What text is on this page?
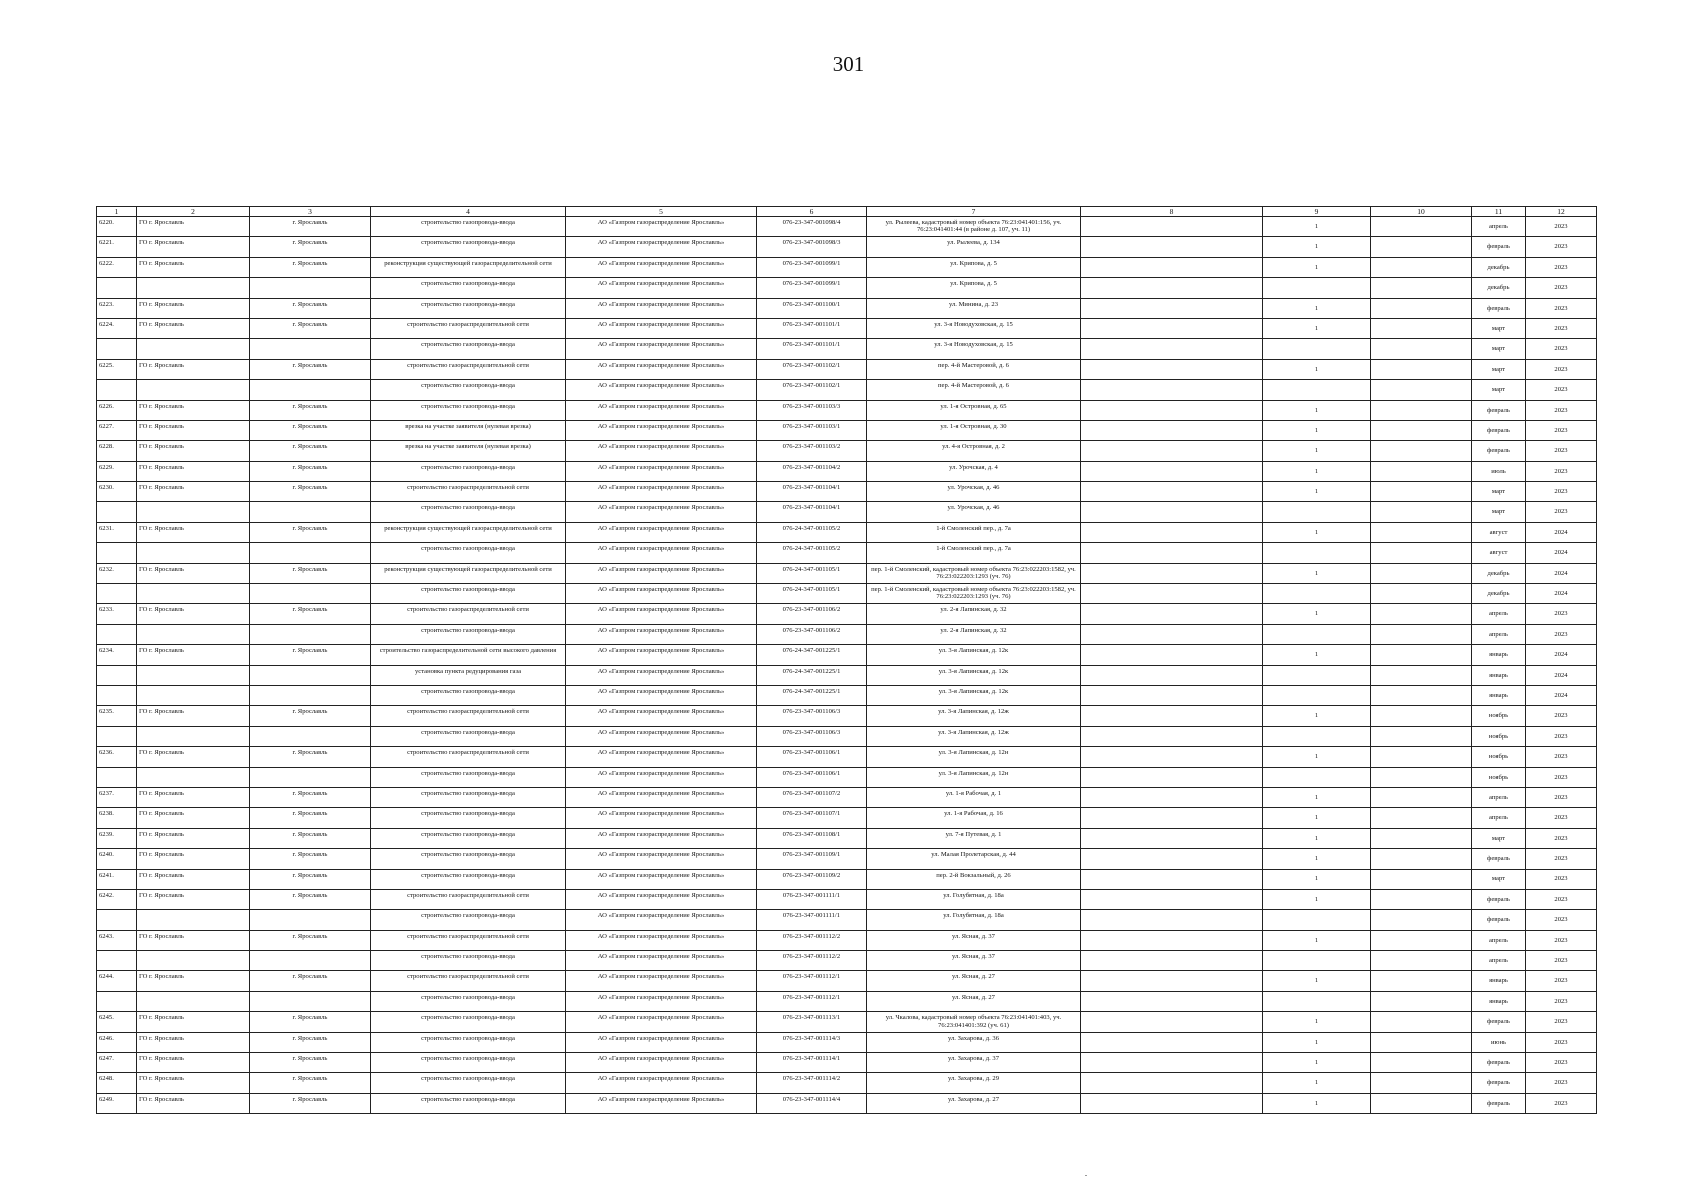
301
1	2	3	4	5	6	7	8	9	10	11	12
6220.	ГО г. Ярославль	г. Ярославль	строительство газопровода-ввода	АО «Газпром газораспределение Ярославль»	076-23-347-001098/4	ул. Рылеева, кадастровый номер объекта 76:23:041401:156, уч. 76:23:041401:44 (в районе д. 107, уч. 11)		1		апрель	2023
6221.	ГО г. Ярославль	г. Ярославль	строительство газопровода-ввода	АО «Газпром газораспределение Ярославль»	076-23-347-001098/3	ул. Рылеева, д. 134		1		февраль	2023
6222.	ГО г. Ярославль	г. Ярославль	реконструкция существующей газораспределительной сети	АО «Газпром газораспределение Ярославль»	076-23-347-001099/1	ул. Крипова, д. 5		1		декабрь	2023
			строительство газопровода-ввода	АО «Газпром газораспределение Ярославль»	076-23-347-001099/1	ул. Крипова, д. 5				декабрь	2023
6223.	ГО г. Ярославль	г. Ярославль	строительство газопровода-ввода	АО «Газпром газораспределение Ярославль»	076-23-347-001100/1	ул. Минина, д. 23		1		февраль	2023
6224.	ГО г. Ярославль	г. Ярославль	строительство газораспределительной сети	АО «Газпром газораспределение Ярославль»	076-23-347-001101/1	ул. 3-я Новодуховская, д. 15		1		март	2023
			строительство газопровода-ввода	АО «Газпром газораспределение Ярославль»	076-23-347-001101/1	ул. 3-я Новодуховская, д. 15				март	2023
6225.	ГО г. Ярославль	г. Ярославль	строительство газораспределительной сети	АО «Газпром газораспределение Ярославль»	076-23-347-001102/1	пер. 4-й Мастеровой, д. 6		1		март	2023
			строительство газопровода-ввода	АО «Газпром газораспределение Ярославль»	076-23-347-001102/1	пер. 4-й Мастеровой, д. 6				март	2023
6226.	ГО г. Ярославль	г. Ярославль	строительство газопровода-ввода	АО «Газпром газораспределение Ярославль»	076-23-347-001103/3	ул. 1-я Островная, д. 65		1		февраль	2023
6227.	ГО г. Ярославль	г. Ярославль	врезка на участке заявителя (нулевая врезка)	АО «Газпром газораспределение Ярославль»	076-23-347-001103/1	ул. 1-я Островная, д. 30		1		февраль	2023
6228.	ГО г. Ярославль	г. Ярославль	врезка на участке заявителя (нулевая врезка)	АО «Газпром газораспределение Ярославль»	076-23-347-001103/2	ул. 4-я Островная, д. 2		1		февраль	2023
6229.	ГО г. Ярославль	г. Ярославль	строительство газопровода-ввода	АО «Газпром газораспределение Ярославль»	076-23-347-001104/2	ул. Урочская, д. 4		1		июль	2023
6230.	ГО г. Ярославль	г. Ярославль	строительство газораспределительной сети	АО «Газпром газораспределение Ярославль»	076-23-347-001104/1	ул. Урочская, д. 46		1		март	2023
			строительство газопровода-ввода	АО «Газпром газораспределение Ярославль»	076-23-347-001104/1	ул. Урочская, д. 46				март	2023
6231.	ГО г. Ярославль	г. Ярославль	реконструкция существующей газораспределительной сети	АО «Газпром газораспределение Ярославль»	076-24-347-001105/2	1-й Смоленский пер., д. 7а		1		август	2024
			строительство газопровода-ввода	АО «Газпром газораспределение Ярославль»	076-24-347-001105/2	1-й Смоленский пер., д. 7а				август	2024
6232.	ГО г. Ярославль	г. Ярославль	реконструкция существующей газораспределительной сети	АО «Газпром газораспределение Ярославль»	076-24-347-001105/1	пер. 1-й Смоленский, кадастровый номер объекта 76:23:022203:1582, уч. 76:23:022203:1293 (уч. 76)		1		декабрь	2024
			строительство газопровода-ввода	АО «Газпром газораспределение Ярославль»	076-24-347-001105/1	пер. 1-й Смоленский, кадастровый номер объекта 76:23:022203:1582, уч. 76:23:022203:1293 (уч. 76)				декабрь	2024
6233.	ГО г. Ярославль	г. Ярославль	строительство газораспределительной сети	АО «Газпром газораспределение Ярославль»	076-23-347-001106/2	ул. 2-я Лапинская, д. 32		1		апрель	2023
			строительство газопровода-ввода	АО «Газпром газораспределение Ярославль»	076-23-347-001106/2	ул. 2-я Лапинская, д. 32				апрель	2023
6234.	ГО г. Ярославль	г. Ярославль	строительство газораспределительной сети высокого давления	АО «Газпром газораспределение Ярославль»	076-24-347-001225/1	ул. 3-я Лапинская, д. 12к		1		январь	2024
			установка пункта редуцирования газа	АО «Газпром газораспределение Ярославль»	076-24-347-001225/1	ул. 3-я Лапинская, д. 12к				январь	2024
			строительство газопровода-ввода	АО «Газпром газораспределение Ярославль»	076-24-347-001225/1	ул. 3-я Лапинская, д. 12к				январь	2024
6235.	ГО г. Ярославль	г. Ярославль	строительство газораспределительной сети	АО «Газпром газораспределение Ярославль»	076-23-347-001106/3	ул. 3-я Лапинская, д. 12ж		1		ноябрь	2023
			строительство газопровода-ввода	АО «Газпром газораспределение Ярославль»	076-23-347-001106/3	ул. 3-я Лапинская, д. 12ж				ноябрь	2023
6236.	ГО г. Ярославль	г. Ярославль	строительство газораспределительной сети	АО «Газпром газораспределение Ярославль»	076-23-347-001106/1	ул. 3-я Лапинская, д. 12н		1		ноябрь	2023
			строительство газопровода-ввода	АО «Газпром газораспределение Ярославль»	076-23-347-001106/1	ул. 3-я Лапинская, д. 12н				ноябрь	2023
6237.	ГО г. Ярославль	г. Ярославль	строительство газопровода-ввода	АО «Газпром газораспределение Ярославль»	076-23-347-001107/2	ул. 1-я Рабочая, д. 1		1		апрель	2023
6238.	ГО г. Ярославль	г. Ярославль	строительство газопровода-ввода	АО «Газпром газораспределение Ярославль»	076-23-347-001107/1	ул. 1-я Рабочая, д. 16		1		апрель	2023
6239.	ГО г. Ярославль	г. Ярославль	строительство газопровода-ввода	АО «Газпром газораспределение Ярославль»	076-23-347-001108/1	ул. 7-я Путевая, д. 1		1		март	2023
6240.	ГО г. Ярославль	г. Ярославль	строительство газопровода-ввода	АО «Газпром газораспределение Ярославль»	076-23-347-001109/1	ул. Малая Пролетарская, д. 44		1		февраль	2023
6241.	ГО г. Ярославль	г. Ярославль	строительство газопровода-ввода	АО «Газпром газораспределение Ярославль»	076-23-347-001109/2	пер. 2-й Вокзальный, д. 26		1		март	2023
6242.	ГО г. Ярославль	г. Ярославль	строительство газораспределительной сети	АО «Газпром газораспределение Ярославль»	076-23-347-001111/1	ул. Голубятная, д. 18а		1		февраль	2023
			строительство газопровода-ввода	АО «Газпром газораспределение Ярославль»	076-23-347-001111/1	ул. Голубятная, д. 18а				февраль	2023
6243.	ГО г. Ярославль	г. Ярославль	строительство газораспределительной сети	АО «Газпром газораспределение Ярославль»	076-23-347-001112/2	ул. Ясная, д. 37		1		апрель	2023
			строительство газопровода-ввода	АО «Газпром газораспределение Ярославль»	076-23-347-001112/2	ул. Ясная, д. 37				апрель	2023
6244.	ГО г. Ярославль	г. Ярославль	строительство газораспределительной сети	АО «Газпром газораспределение Ярославль»	076-23-347-001112/1	ул. Ясная, д. 27		1		январь	2023
			строительство газопровода-ввода	АО «Газпром газораспределение Ярославль»	076-23-347-001112/1	ул. Ясная, д. 27				январь	2023
6245.	ГО г. Ярославль	г. Ярославль	строительство газопровода-ввода	АО «Газпром газораспределение Ярославль»	076-23-347-001113/1	ул. Чкалова, кадастровый номер объекта 76:23:041401:403, уч. 76:23:041401:392 (уч. 61)		1		февраль	2023
6246.	ГО г. Ярославль	г. Ярославль	строительство газопровода-ввода	АО «Газпром газораспределение Ярославль»	076-23-347-001114/3	ул. Захарова, д. 36		1		июнь	2023
6247.	ГО г. Ярославль	г. Ярославль	строительство газопровода-ввода	АО «Газпром газораспределение Ярославль»	076-23-347-001114/1	ул. Захарова, д. 37		1		февраль	2023
6248.	ГО г. Ярославль	г. Ярославль	строительство газопровода-ввода	АО «Газпром газораспределение Ярославль»	076-23-347-001114/2	ул. Захарова, д. 29		1		февраль	2023
6249.	ГО г. Ярославль	г. Ярославль	строительство газопровода-ввода	АО «Газпром газораспределение Ярославль»	076-23-347-001114/4	ул. Захарова, д. 27		1		февраль	2023
